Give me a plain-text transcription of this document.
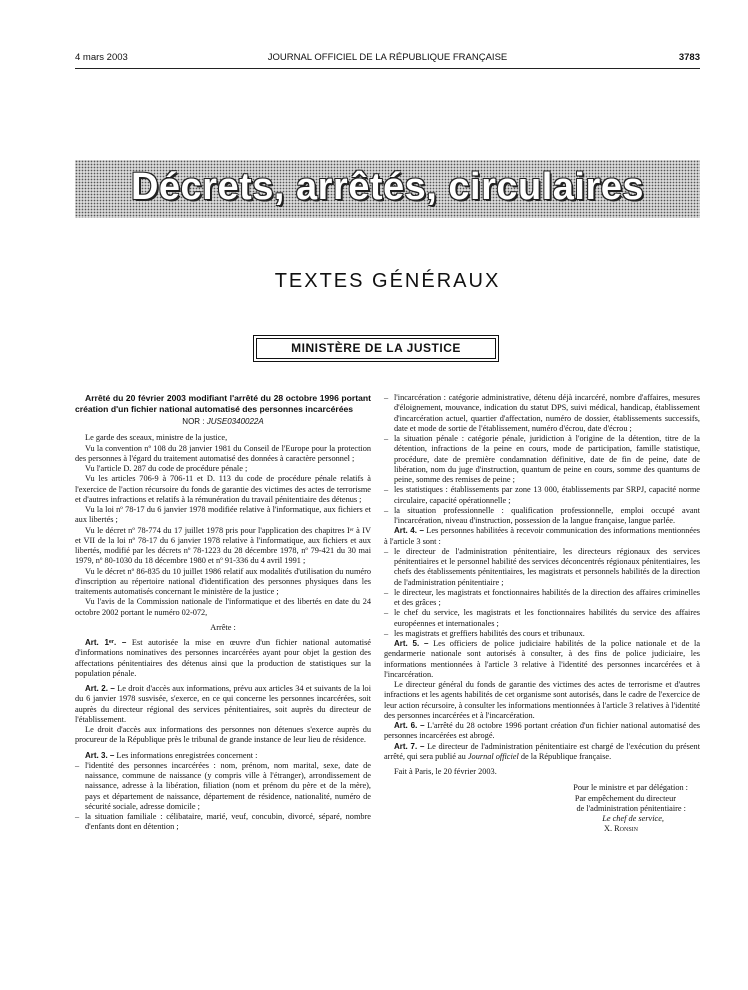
4 mars 2003	JOURNAL OFFICIEL DE LA RÉPUBLIQUE FRANÇAISE	3783
Décrets, arrêtés, circulaires
TEXTES GÉNÉRAUX
MINISTÈRE DE LA JUSTICE

Arrêté du 20 février 2003 modifiant l'arrêté du 28 octobre 1996 portant création d'un fichier national automatisé des personnes incarcérées

NOR : JUSE0340022A

Le garde des sceaux, ministre de la justice,

Vu la convention nº 108 du 28 janvier 1981 du Conseil de l'Europe pour la protection des personnes à l'égard du traitement automatisé des données à caractère personnel ;

Vu l'article D. 287 du code de procédure pénale ;

Vu les articles 706-9 à 706-11 et D. 113 du code de procédure pénale relatifs à l'exercice de l'action récursoire du fonds de garantie des victimes des actes de terrorisme et d'autres infractions et relatifs à la rémunération du travail pénitentiaire des détenus ;

Vu la loi nº 78-17 du 6 janvier 1978 modifiée relative à l'informatique, aux fichiers et aux libertés ;

Vu le décret nº 78-774 du 17 juillet 1978 pris pour l'application des chapitres Iᵉʳ à IV et VII de la loi nº 78-17 du 6 janvier 1978 relative à l'informatique, aux fichiers et aux libertés, modifié par les décrets nº 78-1223 du 28 décembre 1978, nº 79-421 du 30 mai 1979, nº 80-1030 du 18 décembre 1980 et nº 91-336 du 4 avril 1991 ;

Vu le décret nº 86-835 du 10 juillet 1986 relatif aux modalités d'utilisation du numéro d'inscription au répertoire national d'identification des personnes physiques dans les traitements automatisés concernant le ministère de la justice ;

Vu l'avis de la Commission nationale de l'informatique et des libertés en date du 24 octobre 2002 portant le numéro 02-072,

Arrête :

Art. 1ᵉʳ. – Est autorisée la mise en œuvre d'un fichier national automatisé d'informations nominatives des personnes incarcérées ayant pour objet la gestion des affectations pénitentiaires des détenus ainsi que la production de statistiques sur la population pénale.

Art. 2. – Le droit d'accès aux informations, prévu aux articles 34 et suivants de la loi du 6 janvier 1978 susvisée, s'exerce, en ce qui concerne les personnes incarcérées, soit auprès du directeur régional des services pénitentiaires, soit auprès du directeur de l'établissement.

Le droit d'accès aux informations des personnes non détenues s'exerce auprès du procureur de la République près le tribunal de grande instance de leur lieu de résidence.

Art. 3. – Les informations enregistrées concernent :

– l'identité des personnes incarcérées : nom, prénom, nom marital, sexe, date de naissance, commune de naissance (y compris ville à l'étranger), arrondissement de naissance, adresse à la libération, filiation (nom et prénom du père et de la mère), pays et département de naissance, département de résidence, nationalité, numéro de sécurité sociale, adresse domicile ;
– la situation familiale : célibataire, marié, veuf, concubin, divorcé, séparé, nombre d'enfants dont en détention ;
– l'incarcération : catégorie administrative, détenu déjà incarcéré, nombre d'affaires, mesures d'éloignement, mouvance, indication du statut DPS, suivi médical, handicap, établissement d'incarcération actuel, quartier d'affectation, numéro de dossier, établissements successifs, date et mode de sortie de l'établissement, numéro d'écrou, date d'écrou ;
– la situation pénale : catégorie pénale, juridiction à l'origine de la détention, titre de la détention, infractions de la peine en cours, mode de participation, famille statistique, procédure, date de première condamnation définitive, date de fin de peine, date de libération, nom du juge d'instruction, quantum de peine en cours, somme des quantums de peine, somme des remises de peine ;
– les statistiques : établissements par zone 13 000, établissements par SRPJ, capacité norme circulaire, capacité opérationnelle ;
– la situation professionnelle : qualification professionnelle, emploi occupé avant l'incarcération, niveau d'instruction, possession de la langue française, langue parlée.

Art. 4. – Les personnes habilitées à recevoir communication des informations mentionnées à l'article 3 sont :

– le directeur de l'administration pénitentiaire, les directeurs régionaux des services pénitentiaires et le personnel habilité des services déconcentrés régionaux pénitentiaires, les chefs des établissements pénitentiaires, les magistrats et personnels habilités de la direction de l'administration pénitentiaire ;
– le directeur, les magistrats et fonctionnaires habilités de la direction des affaires criminelles et des grâces ;
– le chef du service, les magistrats et les fonctionnaires habilités du service des affaires européennes et internationales ;
– les magistrats et greffiers habilités des cours et tribunaux.

Art. 5. – Les officiers de police judiciaire habilités de la police nationale et de la gendarmerie nationale sont autorisés à consulter, à des fins de police judiciaire, les informations mentionnées à l'article 3 relative à l'identité des personnes incarcérées et à l'incarcération.

Le directeur général du fonds de garantie des victimes des actes de terrorisme et d'autres infractions et les agents habilités de cet organisme sont autorisés, dans le cadre de l'exercice de leur action récursoire, à consulter les informations mentionnées à l'article 3 relatives à l'identité des personnes incarcérées et à l'incarcération.

Art. 6. – L'arrêté du 28 octobre 1996 portant création d'un fichier national automatisé des personnes incarcérées est abrogé.

Art. 7. – Le directeur de l'administration pénitentiaire est chargé de l'exécution du présent arrêté, qui sera publié au Journal officiel de la République française.

Fait à Paris, le 20 février 2003.

Pour le ministre et par délégation :

Par empêchement du directeur

de l'administration pénitentiaire :

Le chef de service,

X. Ronsin
